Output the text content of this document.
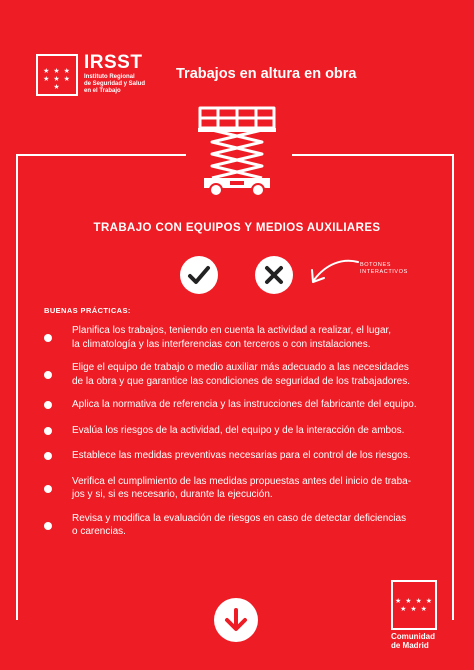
★ ★ ★ ★ ★ ★ ★
IRSST
Instituto Regional
de Seguridad y Salud
en el Trabajo
Trabajos en altura en obra
TRABAJO CON EQUIPOS Y MEDIOS AUXILIARES
BOTONES
INTERACTIVOS
BUENAS PRÁCTICAS:
Planifica los trabajos, teniendo en cuenta la actividad a realizar, el lugar,
la climatología y las interferencias con terceros o con instalaciones.
Elige el equipo de trabajo o medio auxiliar más adecuado a las necesidades
de la obra y que garantice las condiciones de seguridad de los trabajadores.
Aplica la normativa de referencia y las instrucciones del fabricante del equipo.
Evalúa los riesgos de la actividad, del equipo y de la interacción de ambos.
Establece las medidas preventivas necesarias para el control de los riesgos.
Verifica el cumplimiento de las medidas propuestas antes del inicio de traba-
jos y si, si es necesario, durante la ejecución.
Revisa y modifica la evaluación de riesgos en caso de detectar deficiencias
o carencias.
★ ★ ★ ★ ★ ★ ★
Comunidad
de Madrid
